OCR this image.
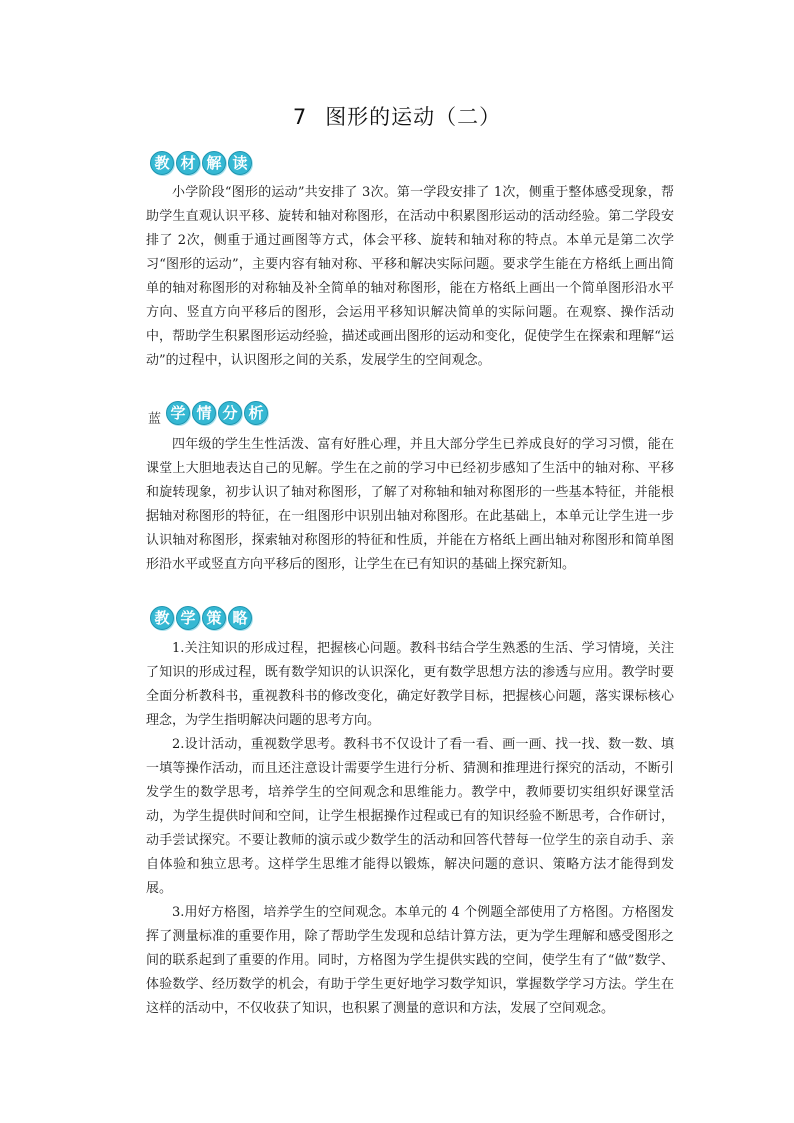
7 图形的运动（二）
教 材 解 读

小学阶段“图形的运动”共安排了 3次。第一学段安排了 1次，侧重于整体感受现象，帮助学生直观认识平移、旋转和轴对称图形，在活动中积累图形运动的活动经验。第二学段安排了 2次，侧重于通过画图等方式，体会平移、旋转和轴对称的特点。本单元是第二次学习“图形的运动”，主要内容有轴对称、平移和解决实际问题。要求学生能在方格纸上画出简单的轴对称图形的对称轴及补全简单的轴对称图形，能在方格纸上画出一个简单图形沿水平方向、竖直方向平移后的图形，会运用平移知识解决简单的实际问题。在观察、操作活动中，帮助学生积累图形运动经验，描述或画出图形的运动和变化，促使学生在探索和理解“运动”的过程中，认识图形之间的关系，发展学生的空间观念。

蓝 学 情 分 析

四年级的学生生性活泼、富有好胜心理，并且大部分学生已养成良好的学习习惯，能在课堂上大胆地表达自己的见解。学生在之前的学习中已经初步感知了生活中的轴对称、平移和旋转现象，初步认识了轴对称图形，了解了对称轴和轴对称图形的一些基本特征，并能根据轴对称图形的特征，在一组图形中识别出轴对称图形。在此基础上，本单元让学生进一步认识轴对称图形，探索轴对称图形的特征和性质，并能在方格纸上画出轴对称图形和简单图形沿水平或竖直方向平移后的图形，让学生在已有知识的基础上探究新知。

教 学 策 略

1.关注知识的形成过程，把握核心问题。教科书结合学生熟悉的生活、学习情境，关注了知识的形成过程，既有数学知识的认识深化，更有数学思想方法的渗透与应用。教学时要全面分析教科书，重视教科书的修改变化，确定好教学目标，把握核心问题，落实课标核心理念，为学生指明解决问题的思考方向。

2.设计活动，重视数学思考。教科书不仅设计了看一看、画一画、找一找、数一数、填一填等操作活动，而且还注意设计需要学生进行分析、猜测和推理进行探究的活动，不断引发学生的数学思考，培养学生的空间观念和思维能力。教学中，教师要切实组织好课堂活动，为学生提供时间和空间，让学生根据操作过程或已有的知识经验不断思考，合作研讨，动手尝试探究。不要让教师的演示或少数学生的活动和回答代替每一位学生的亲自动手、亲自体验和独立思考。这样学生思维才能得以锻炼，解决问题的意识、策略方法才能得到发展。

3.用好方格图，培养学生的空间观念。本单元的 4 个例题全部使用了方格图。方格图发挥了测量标准的重要作用，除了帮助学生发现和总结计算方法，更为学生理解和感受图形之间的联系起到了重要的作用。同时，方格图为学生提供实践的空间，使学生有了“做”数学、体验数学、经历数学的机会，有助于学生更好地学习数学知识，掌握数学学习方法。学生在这样的活动中，不仅收获了知识，也积累了测量的意识和方法，发展了空间观念。
